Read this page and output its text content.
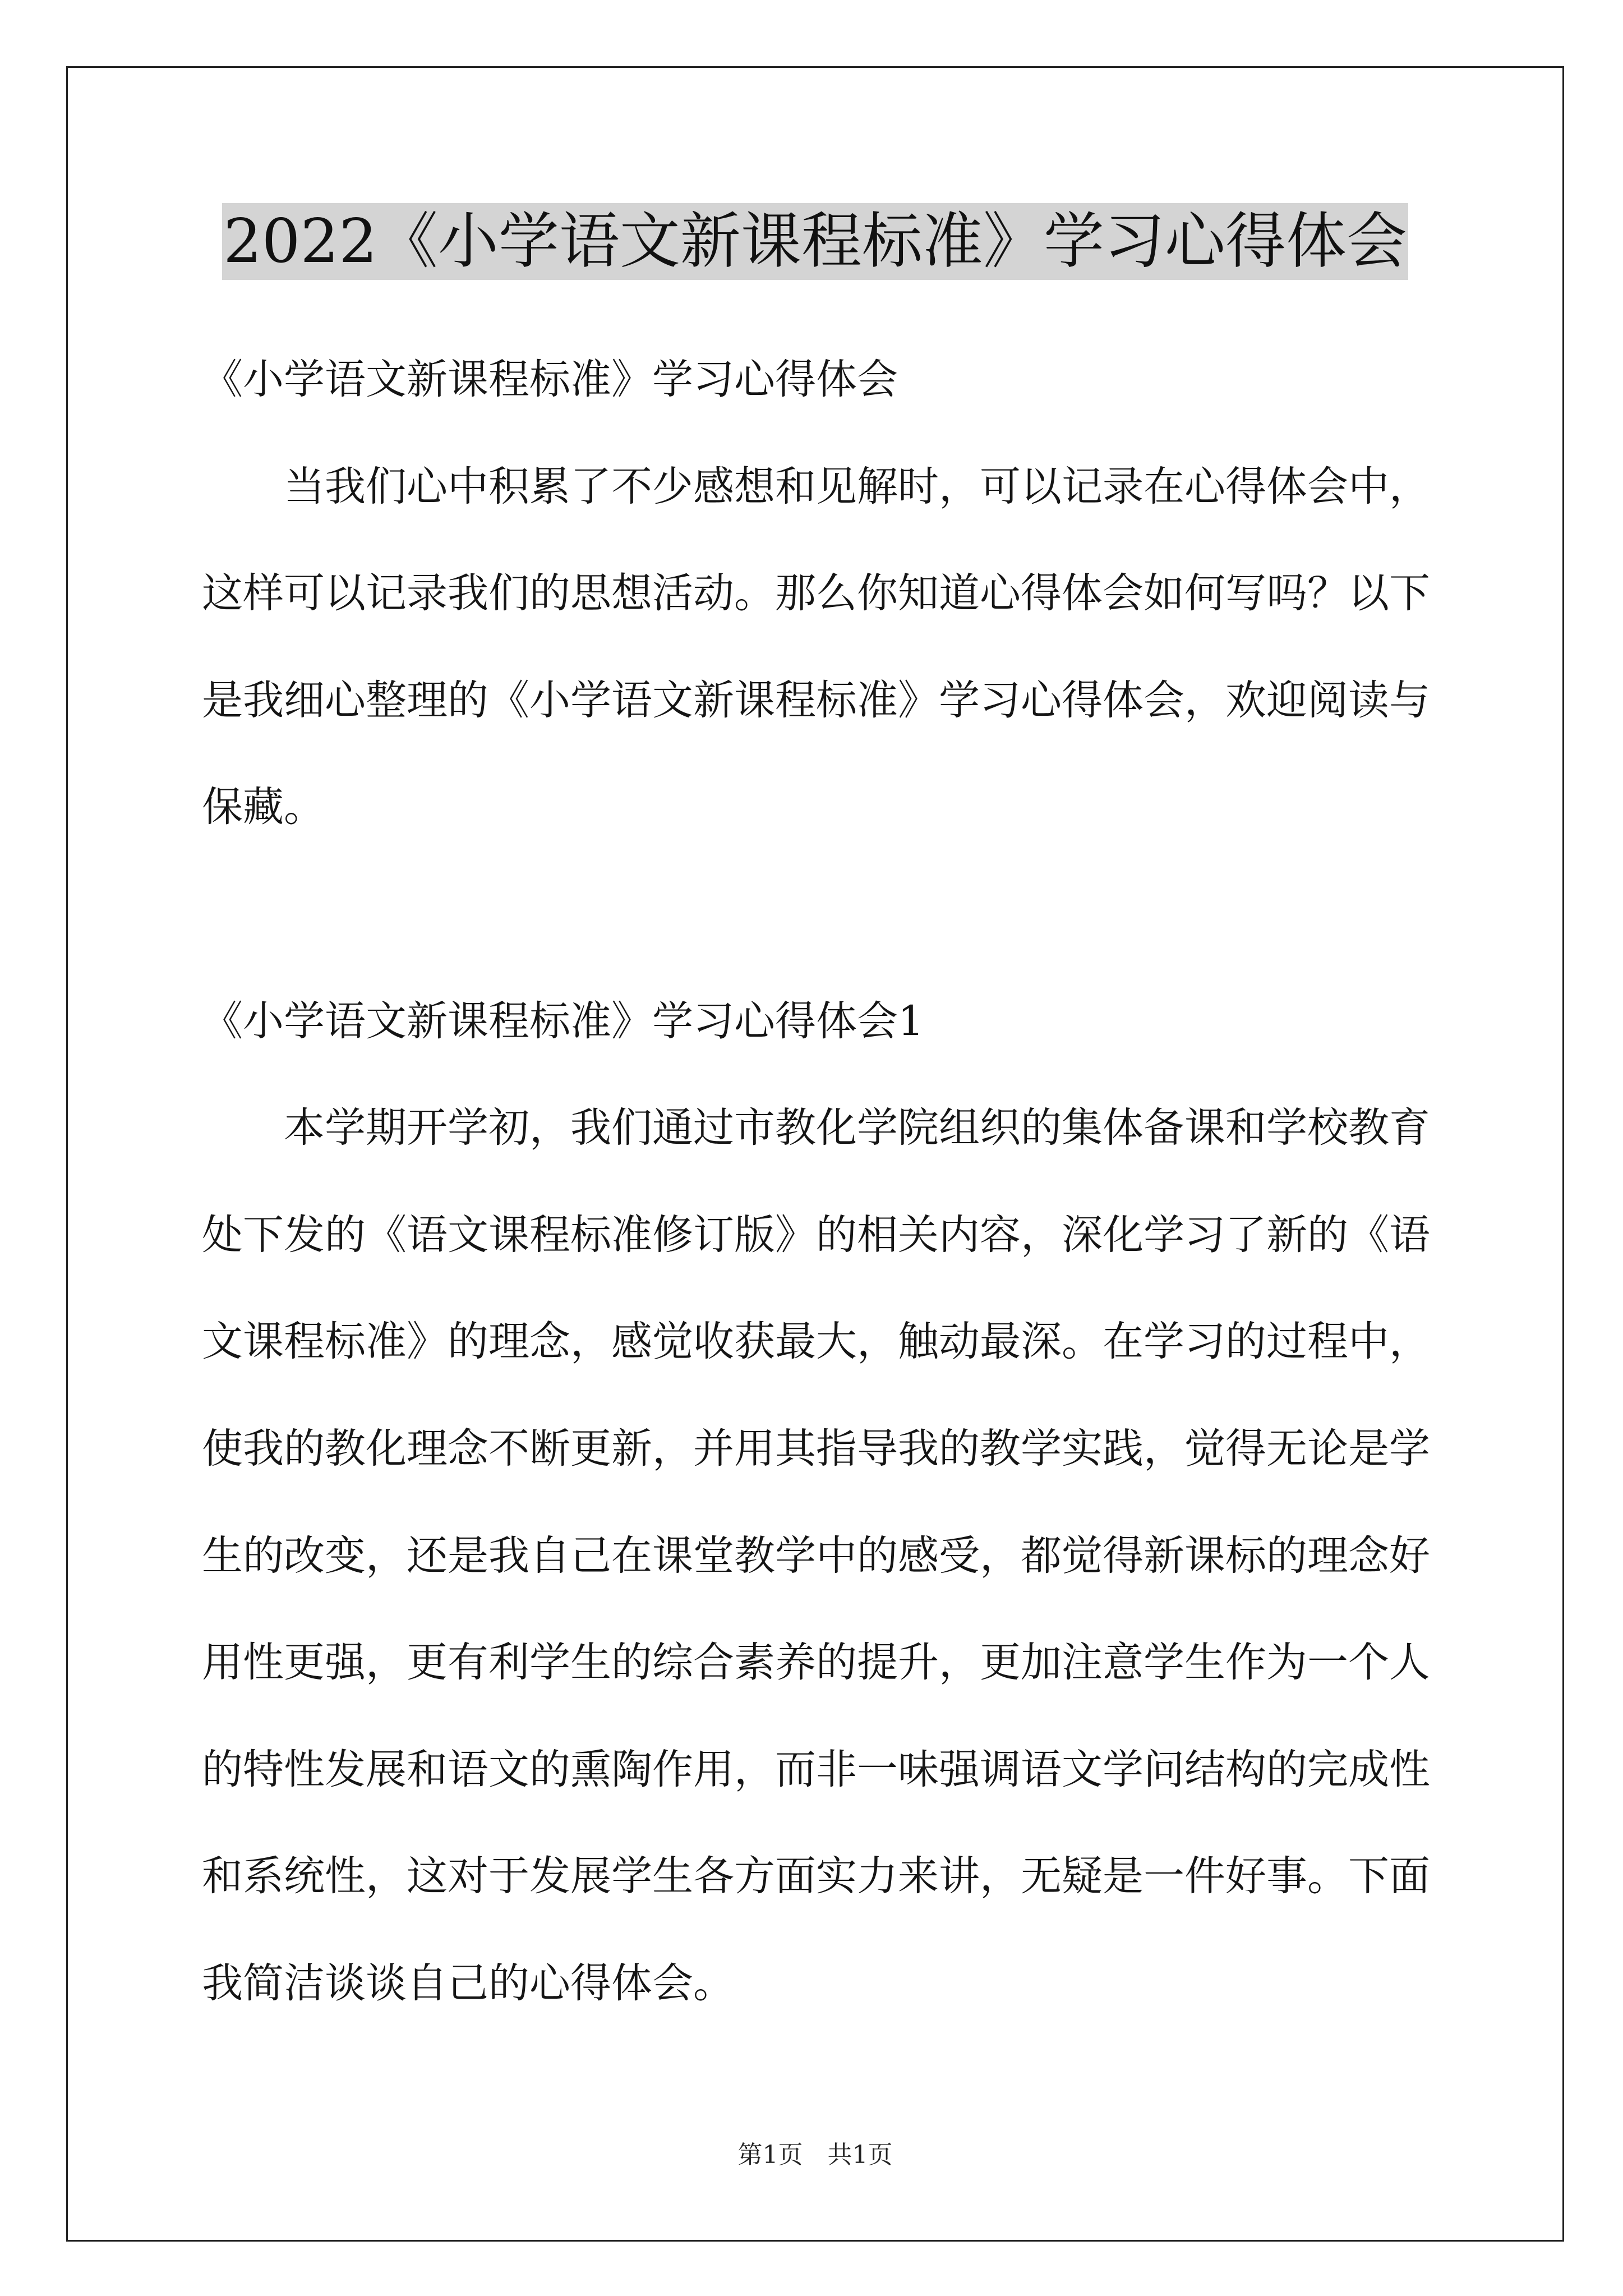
2022《小学语文新课程标准》学习心得体会

《小学语文新课程标准》学习心得体会

当我们心中积累了不少感想和见解时，可以记录在心得体会中，这样可以记录我们的思想活动。那么你知道心得体会如何写吗？以下是我细心整理的《小学语文新课程标准》学习心得体会，欢迎阅读与保藏。

《小学语文新课程标准》学习心得体会1

本学期开学初，我们通过市教化学院组织的集体备课和学校教育处下发的《语文课程标准修订版》的相关内容，深化学习了新的《语文课程标准》的理念，感觉收获最大，触动最深。在学习的过程中，使我的教化理念不断更新，并用其指导我的教学实践，觉得无论是学生的改变，还是我自己在课堂教学中的感受，都觉得新课标的理念好用性更强，更有利学生的综合素养的提升，更加注意学生作为一个人的特性发展和语文的熏陶作用，而非一味强调语文学问结构的完成性和系统性，这对于发展学生各方面实力来讲，无疑是一件好事。下面我简洁谈谈自己的心得体会。

第1页 共1页
